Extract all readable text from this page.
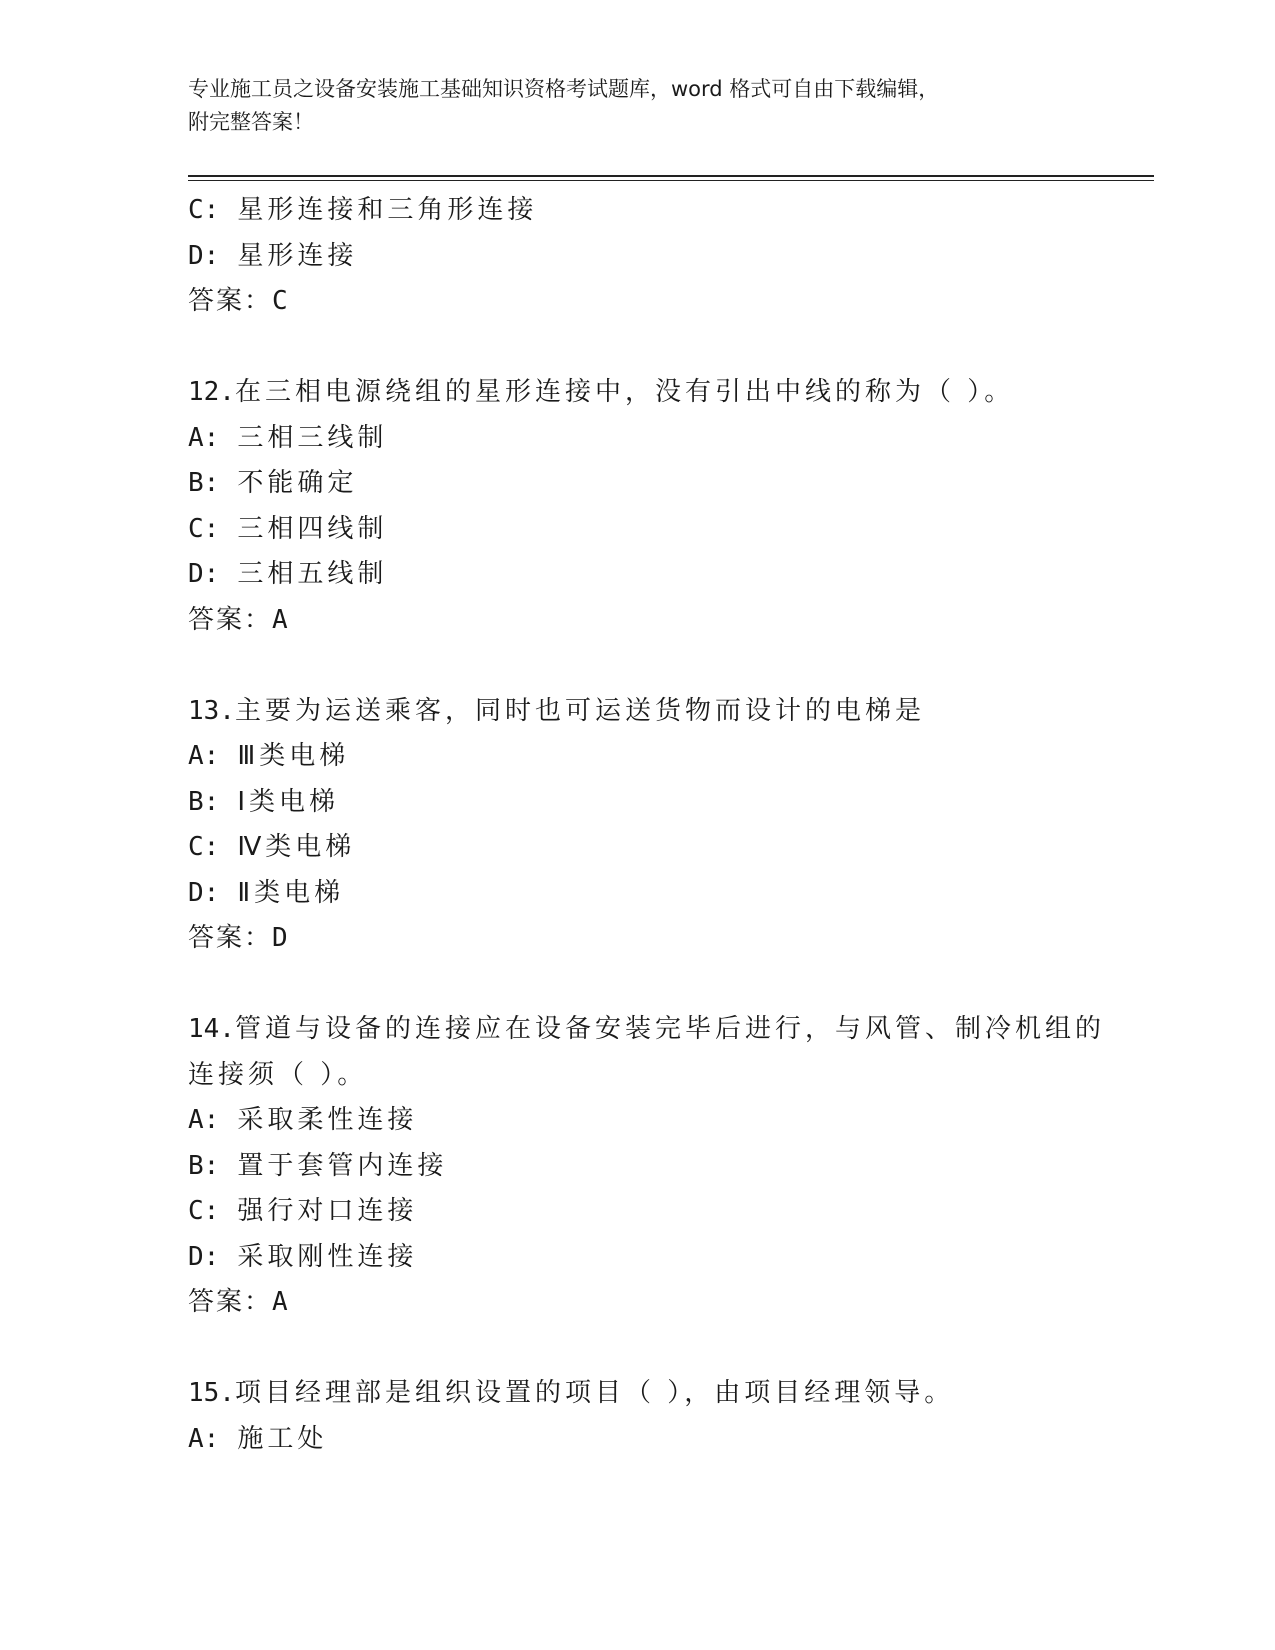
专业施工员之设备安装施工基础知识资格考试题库，word 格式可自由下载编辑，
附完整答案！
C: 星形连接和三角形连接
D: 星形连接
答案：C
12.在三相电源绕组的星形连接中，没有引出中线的称为（ ）。
A: 三相三线制
B: 不能确定
C: 三相四线制
D: 三相五线制
答案：A
13.主要为运送乘客，同时也可运送货物而设计的电梯是
A: Ⅲ类电梯
B: Ⅰ类电梯
C: Ⅳ类电梯
D: Ⅱ类电梯
答案：D
14.管道与设备的连接应在设备安装完毕后进行，与风管、制冷机组的
连接须（ ）。
A: 采取柔性连接
B: 置于套管内连接
C: 强行对口连接
D: 采取刚性连接
答案：A
15.项目经理部是组织设置的项目（ ），由项目经理领导。
A: 施工处
